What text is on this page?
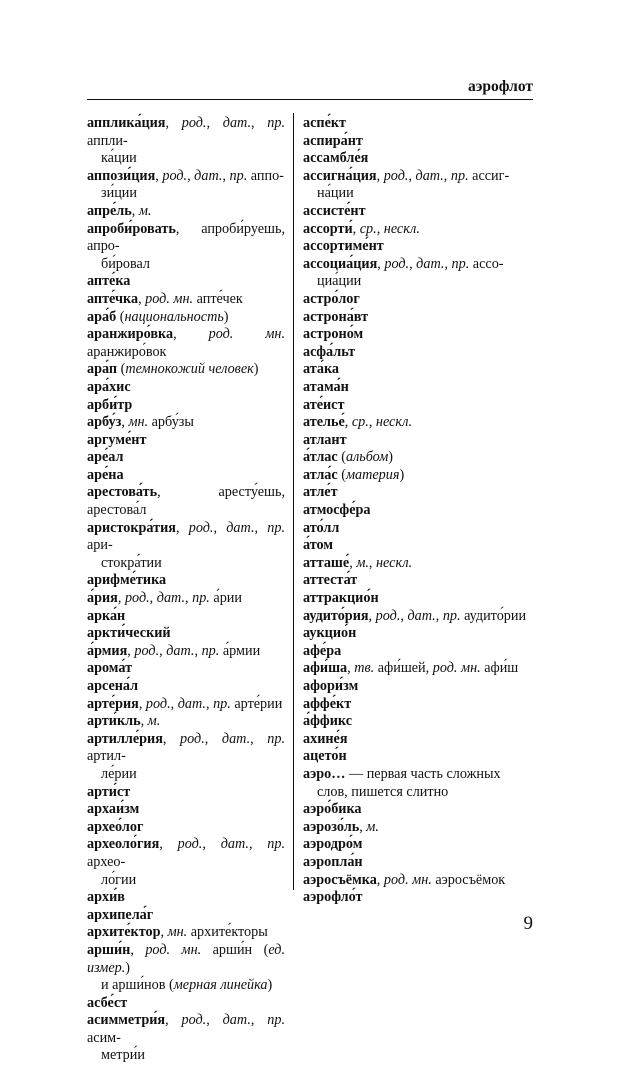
аэрофлот

апплика́ция, род., дат., пр. аппли-
ка́ции

аппози́ция, род., дат., пр. аппо-
зи́ции

апре́ль, м.

апроби́ровать, апроби́руешь, апро-
би́ровал

апте́ка

апте́чка, род. мн. апте́чек

ара́б (национальность)

аранжиро́вка, род. мн. аранжиро́вок

ара́п (темнокожий человек)

ара́хис

арби́тр

арбу́з, мн. арбу́зы

аргуме́нт

аре́ал

аре́на

арестова́ть, аресту́ешь, арестова́л

аристокра́тия, род., дат., пр. ари-
стокра́тии

арифме́тика

а́рия, род., дат., пр. а́рии

арка́н

аркти́ческий

а́рмия, род., дат., пр. а́рмии

арома́т

арсена́л

арте́рия, род., дат., пр. арте́рии

арти́кль, м.

артилле́рия, род., дат., пр. артил-
ле́рии

арти́ст

архаи́зм

архео́лог

археоло́гия, род., дат., пр. архео-
ло́гии

архи́в

архипела́г

архите́ктор, мн. архите́кторы

арши́н, род. мн. арши́н (ед. измер.)
и арши́нов (мерная линейка)

асбе́ст

асимметри́я, род., дат., пр. асим-
метри́и

аспе́кт

аспира́нт

ассамбле́я

ассигна́ция, род., дат., пр. ассиг-
на́ции

ассисте́нт

ассорти́, ср., нескл.

ассортиме́нт

ассоциа́ция, род., дат., пр. ассо-
циа́ции

астро́лог

астрона́вт

астроно́м

асфа́льт

ата́ка

атама́н

ате́ист

ателье́, ср., нескл.

атлант

а́тлас (альбом)

атла́с (материя)

атле́т

атмосфе́ра

ато́лл

а́том

атташе́, м., нескл.

аттеста́т

аттракцио́н

аудито́рия, род., дат., пр. аудито́рии

аукцио́н

афе́ра

афи́ша, тв. афи́шей, род. мн. афи́ш

афори́зм

аффе́кт

а́ффикс

ахине́я

ацето́н

аэро… — первая часть сложных
слов, пишется слитно

аэро́бика

аэрозо́ль, м.

аэродро́м

аэропла́н

аэросъёмка, род. мн. аэросъёмок

аэрофло́т

9
